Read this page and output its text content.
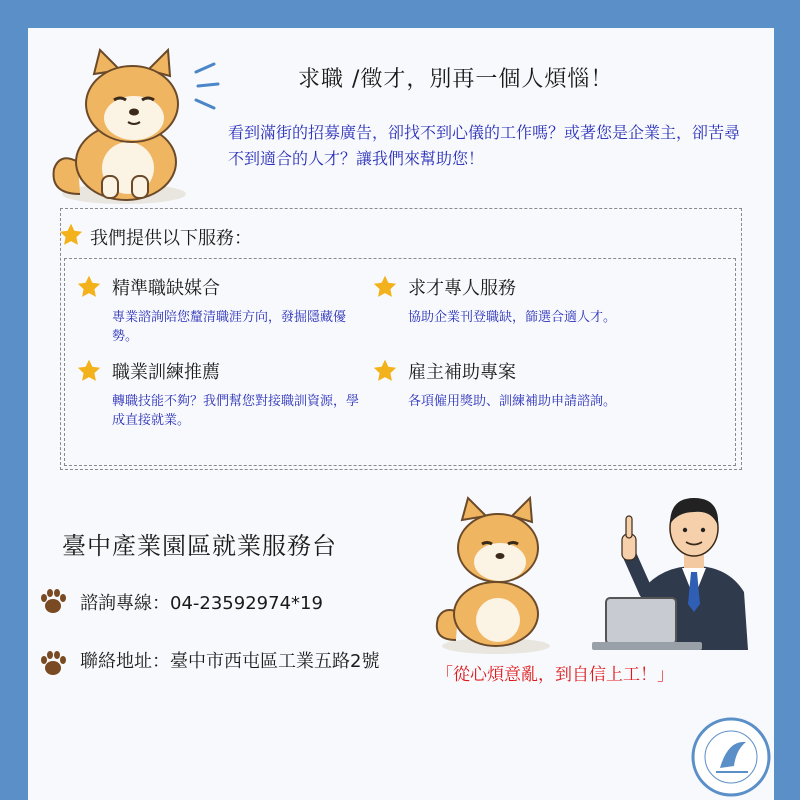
求職 /徵才，別再一個人煩惱！
看到滿街的招募廣告，卻找不到心儀的工作嗎？或著您是企業主，卻苦尋不到適合的人才？讓我們來幫助您！
我們提供以下服務：
精準職缺媒合
專業諮詢陪您釐清職涯方向，發掘隱藏優勢。
求才專人服務
協助企業刊登職缺，篩選合適人才。
職業訓練推薦
轉職技能不夠？我們幫您對接職訓資源，學成直接就業。
雇主補助專案
各項僱用獎助、訓練補助申請諮詢。
臺中產業園區就業服務台
諮詢專線：04-23592974*19
聯絡地址：臺中市西屯區工業五路2號
「從心煩意亂，到自信上工！」
